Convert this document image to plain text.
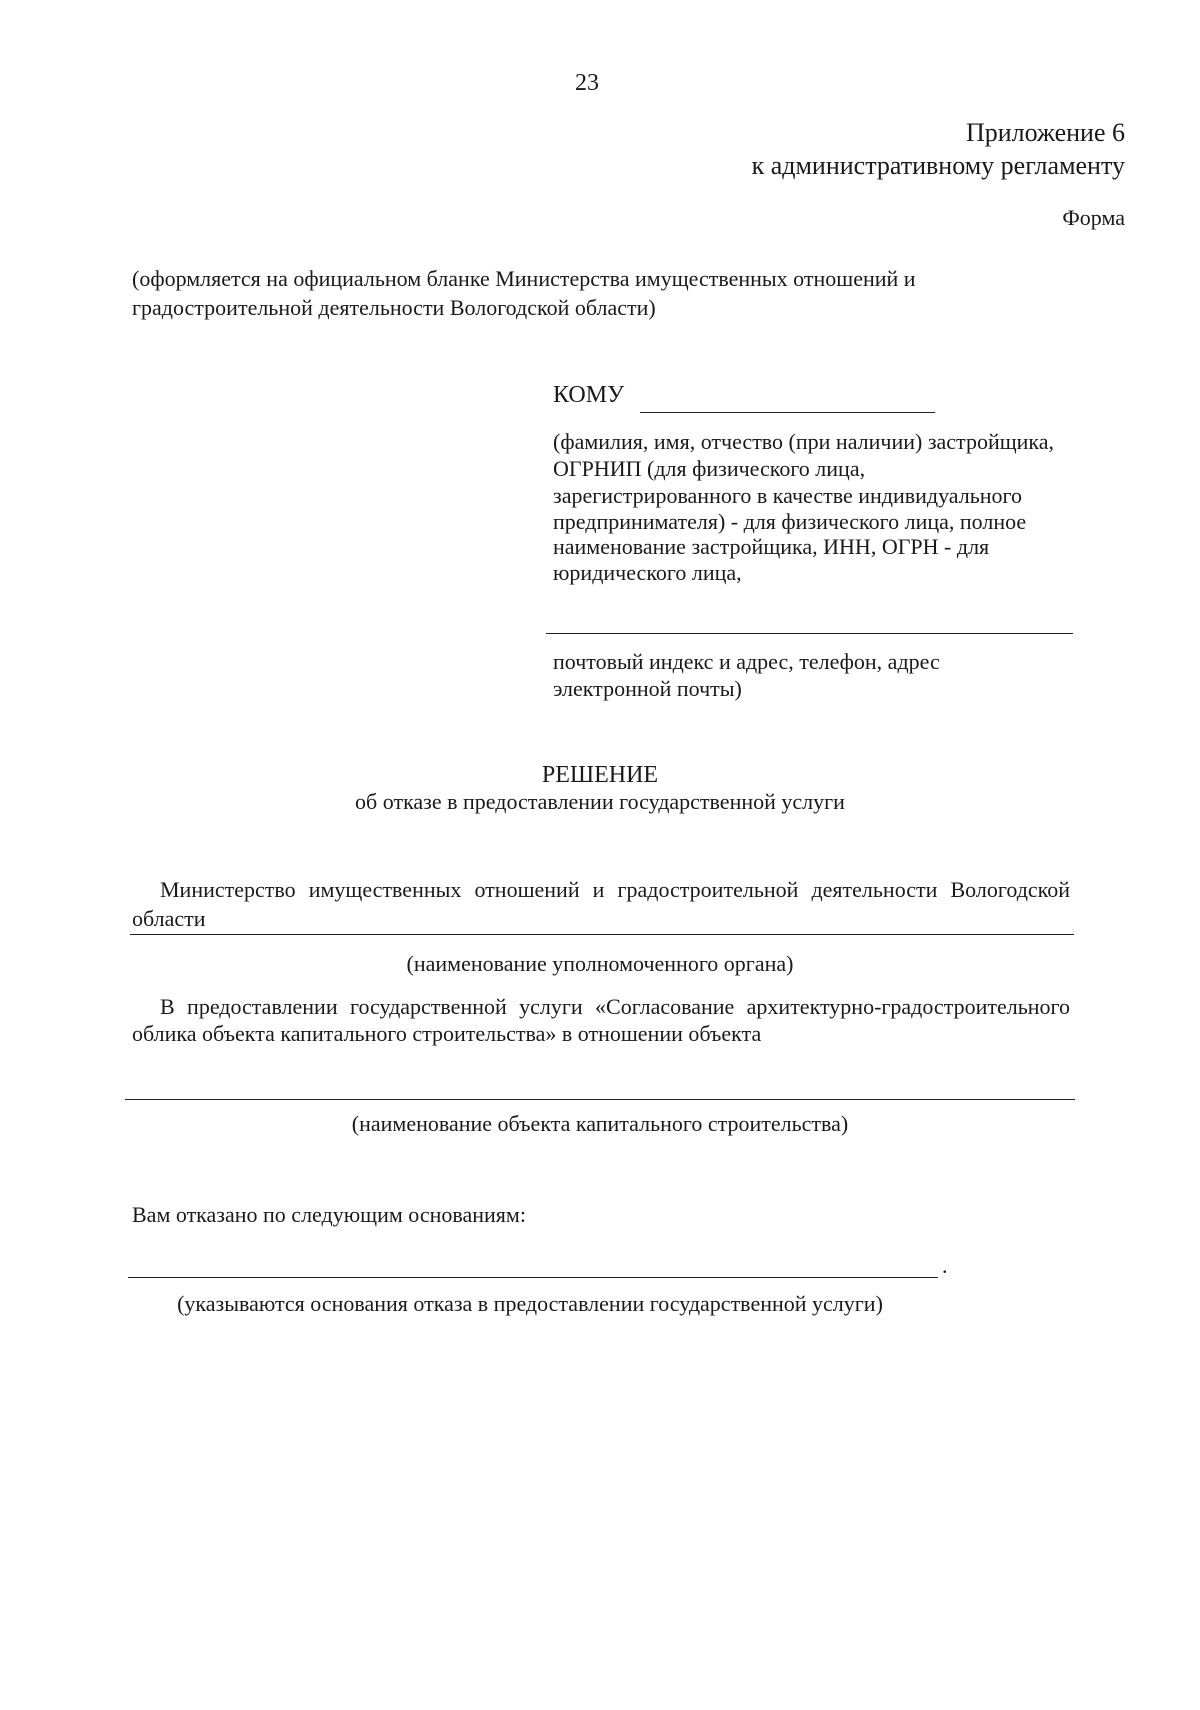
23
Приложение 6
к административному регламенту
Форма
(оформляется на официальном бланке Министерства имущественных отношений и
градостроительной деятельности Вологодской области)
КОМУ
(фамилия, имя, отчество (при наличии) застройщика,
ОГРНИП (для физического лица,
зарегистрированного в качестве индивидуального
предпринимателя) - для физического лица, полное
наименование застройщика, ИНН, ОГРН - для
юридического лица,
почтовый индекс и адрес, телефон, адрес
электронной почты)
РЕШЕНИЕ
об отказе в предоставлении государственной услуги
Министерство имущественных отношений и градостроительной деятельности Вологодской
области
(наименование уполномоченного органа)
В предоставлении государственной услуги «Согласование архитектурно-градостроительного
облика объекта капитального строительства» в отношении объекта
(наименование объекта капитального строительства)
Вам отказано по следующим основаниям:
.
(указываются основания отказа в предоставлении государственной услуги)
